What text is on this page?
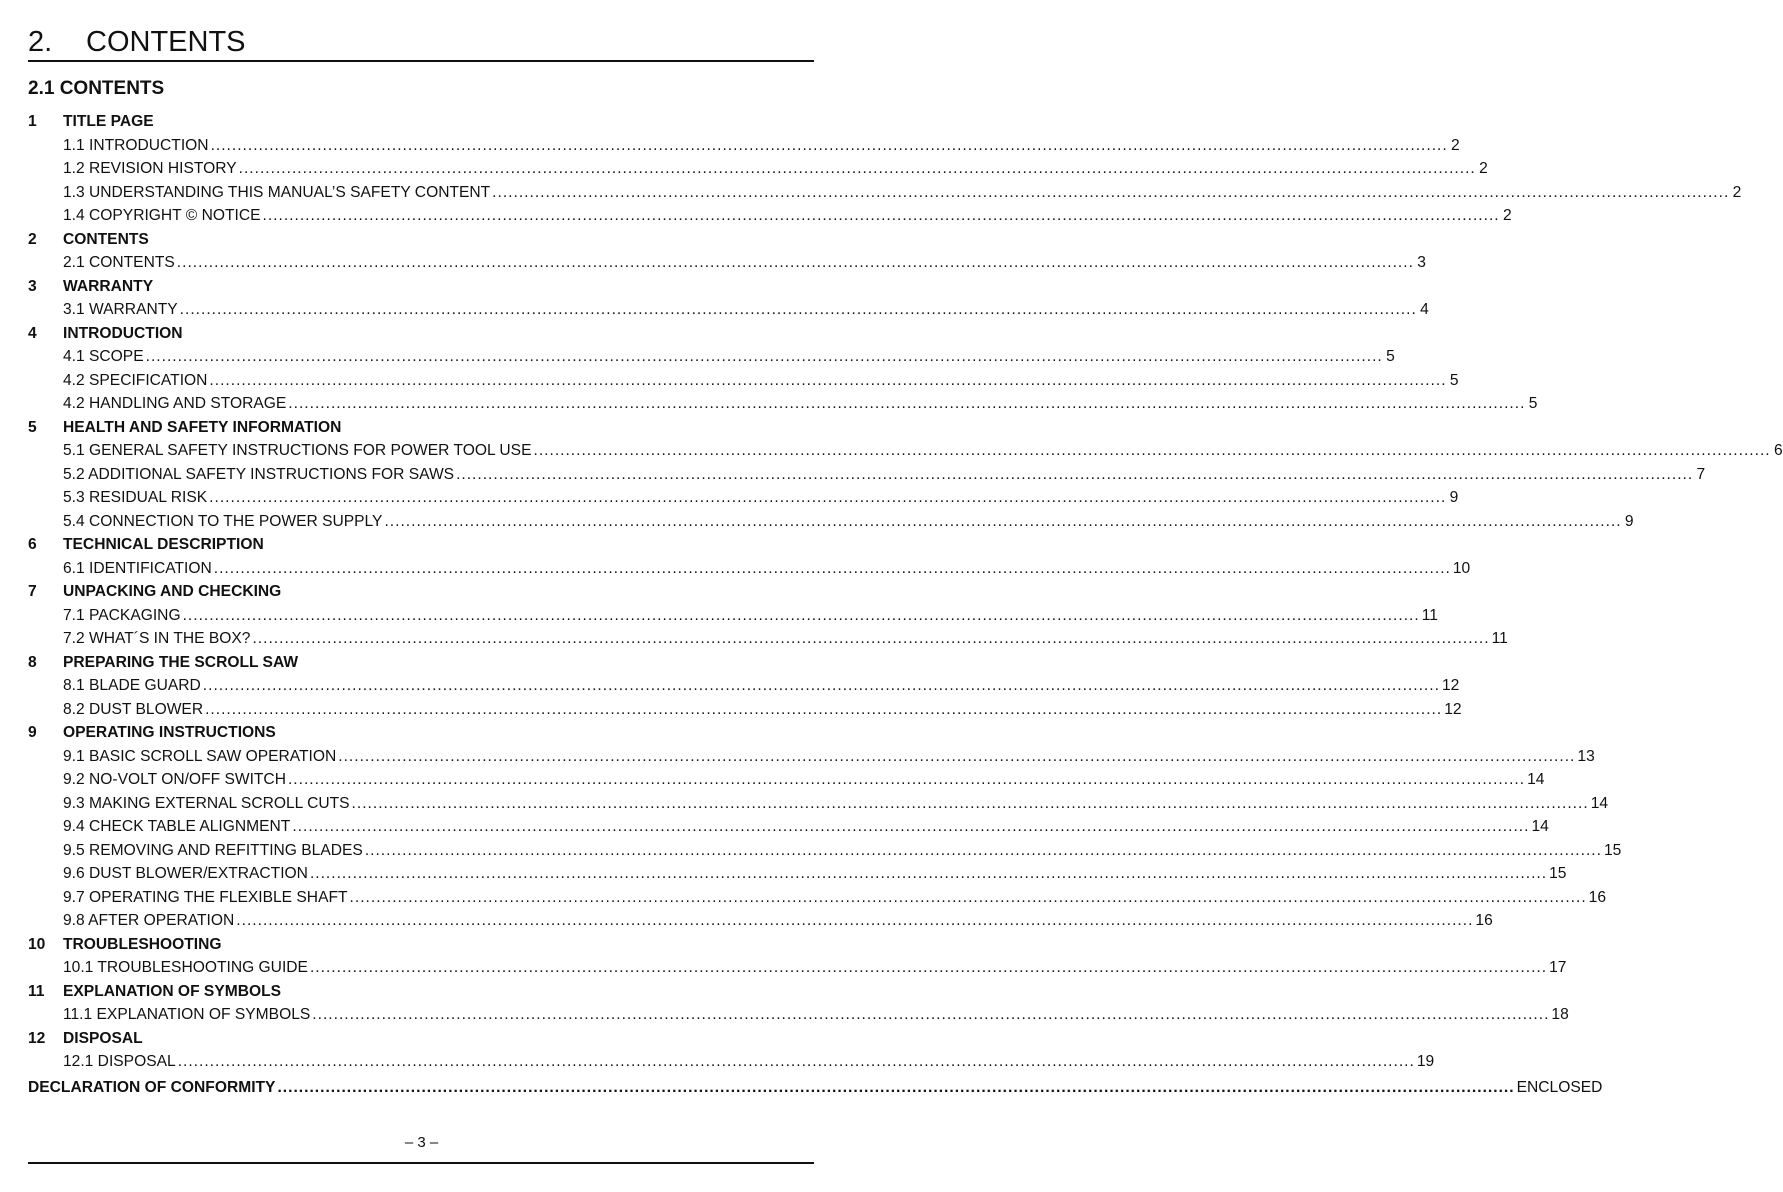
2. CONTENTS
2.1 CONTENTS
1	TITLE PAGE
1.1 INTRODUCTION .....	2
1.2 REVISION HISTORY .....	2
1.3 UNDERSTANDING THIS MANUAL’S SAFETY CONTENT .....	2
1.4 COPYRIGHT © NOTICE .....	2
2	CONTENTS
2.1 CONTENTS .....	3
3	WARRANTY
3.1 WARRANTY .....	4
4	INTRODUCTION
4.1 SCOPE .....	5
4.2 SPECIFICATION .....	5
4.2 HANDLING AND STORAGE .....	5
5	HEALTH AND SAFETY INFORMATION
5.1 GENERAL SAFETY INSTRUCTIONS FOR POWER TOOL USE .....	6
5.2 ADDITIONAL SAFETY INSTRUCTIONS FOR SAWS .....	7
5.3 RESIDUAL RISK .....	9
5.4 CONNECTION TO THE POWER SUPPLY .....	9
6	TECHNICAL DESCRIPTION
6.1 IDENTIFICATION .....	10
7	UNPACKING AND CHECKING
7.1 PACKAGING .....	11
7.2 WHAT´S IN THE BOX? .....	11
8	PREPARING THE SCROLL SAW
8.1 BLADE GUARD .....	12
8.2 DUST BLOWER .....	12
9	OPERATING INSTRUCTIONS
9.1 BASIC SCROLL SAW OPERATION .....	13
9.2 NO-VOLT ON/OFF SWITCH .....	14
9.3 MAKING EXTERNAL SCROLL CUTS .....	14
9.4 CHECK TABLE ALIGNMENT .....	14
9.5 REMOVING AND REFITTING BLADES .....	15
9.6 DUST BLOWER/EXTRACTION .....	15
9.7 OPERATING THE FLEXIBLE SHAFT .....	16
9.8 AFTER OPERATION .....	16
10	TROUBLESHOOTING
10.1 TROUBLESHOOTING GUIDE .....	17
11	EXPLANATION OF SYMBOLS
11.1 EXPLANATION OF SYMBOLS .....	18
12	DISPOSAL
12.1 DISPOSAL .....	19
DECLARATION OF CONFORMITY .....	ENCLOSED
– 3 –
